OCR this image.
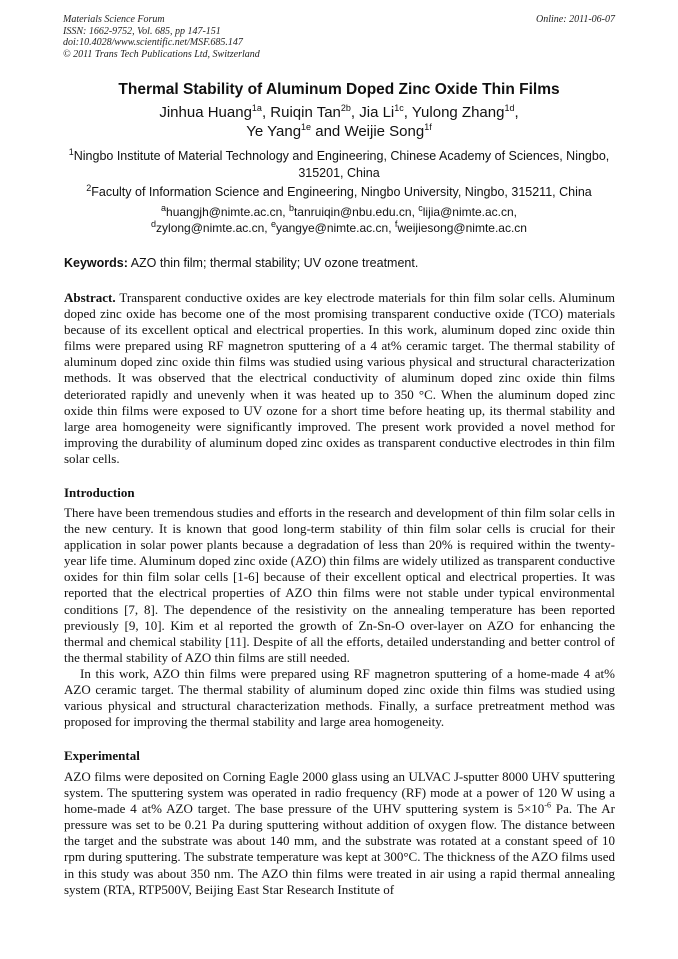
Materials Science Forum	Online: 2011-06-07
ISSN: 1662-9752, Vol. 685, pp 147-151
doi:10.4028/www.scientific.net/MSF.685.147
© 2011 Trans Tech Publications Ltd, Switzerland
Thermal Stability of Aluminum Doped Zinc Oxide Thin Films
Jinhua Huang$^{1a}$, Ruiqin Tan$^{2b}$, Jia $Li^{1c}$, Yulong Zhang$^{1d}$,
Ye Yang$^{1e}$ and Weijie Song$^{1f}$
$^1$Ningbo Institute of Material Technology and Engineering, Chinese Academy of Sciences, Ningbo, 315201, China
$^2$Faculty of Information Science and Engineering, Ningbo University, Ningbo, 315211, China
$^a$huangjh@nimte.ac.cn, $^b$tanruiqin@nbu.edu.cn, $^c$lijia@nimte.ac.cn,
$^d$zylong@nimte.ac.cn, $^e$yangye@nimte.ac.cn, $^f$weijiesong@nimte.ac.cn
Keywords: AZO thin film; thermal stability; UV ozone treatment.
Abstract. Transparent conductive oxides are key electrode materials for thin film solar cells. Aluminum doped zinc oxide has become one of the most promising transparent conductive oxide (TCO) materials because of its excellent optical and electrical properties. In this work, aluminum doped zinc oxide thin films were prepared using RF magnetron sputtering of a 4 at% ceramic target. The thermal stability of aluminum doped zinc oxide thin films was studied using various physical and structural characterization methods. It was observed that the electrical conductivity of aluminum doped zinc oxide thin films deteriorated rapidly and unevenly when it was heated up to 350 °C. When the aluminum doped zinc oxide thin films were exposed to UV ozone for a short time before heating up, its thermal stability and large area homogeneity were significantly improved. The present work provided a novel method for improving the durability of aluminum doped zinc oxides as transparent conductive electrodes in thin film solar cells.
Introduction

There have been tremendous studies and efforts in the research and development of thin film solar cells in the new century. It is known that good long-term stability of thin film solar cells is crucial for their application in solar power plants because a degradation of less than 20% is required within the twenty-year life time. Aluminum doped zinc oxide (AZO) thin films are widely utilized as transparent conductive oxides for thin film solar cells [1-6] because of their excellent optical and electrical properties. It was reported that the electrical properties of AZO thin films were not stable under typical environmental conditions [7, 8]. The dependence of the resistivity on the annealing temperature has been reported previously [9, 10]. Kim et al reported the growth of Zn-Sn-O over-layer on AZO for enhancing the thermal and chemical stability [11]. Despite of all the efforts, detailed understanding and better control of the thermal stability of AZO thin films are still needed.

In this work, AZO thin films were prepared using RF magnetron sputtering of a home-made 4 at% AZO ceramic target. The thermal stability of aluminum doped zinc oxide thin films was studied using various physical and structural characterization methods. Finally, a surface pretreatment method was proposed for improving the thermal stability and large area homogeneity.

Experimental
AZO films were deposited on Corning Eagle 2000 glass using an ULVAC J-sputter 8000 UHV sputtering system. The sputtering system was operated in radio frequency (RF) mode at a power of 120 W using a home-made 4 at% AZO target. The base pressure of the UHV sputtering system is $5\times 10^{-6}$ Pa. The Ar pressure was set to be 0.21 Pa during sputtering without addition of oxygen flow. The distance between the target and the substrate was about 140 mm, and the substrate was rotated at a constant speed of 10 rpm during sputtering. The substrate temperature was kept at 300°C. The thickness of the AZO films used in this study was about 350 nm. The AZO thin films were treated in air using a rapid thermal annealing system (RTA, RTP500V, Beijing East Star Research Institute of
